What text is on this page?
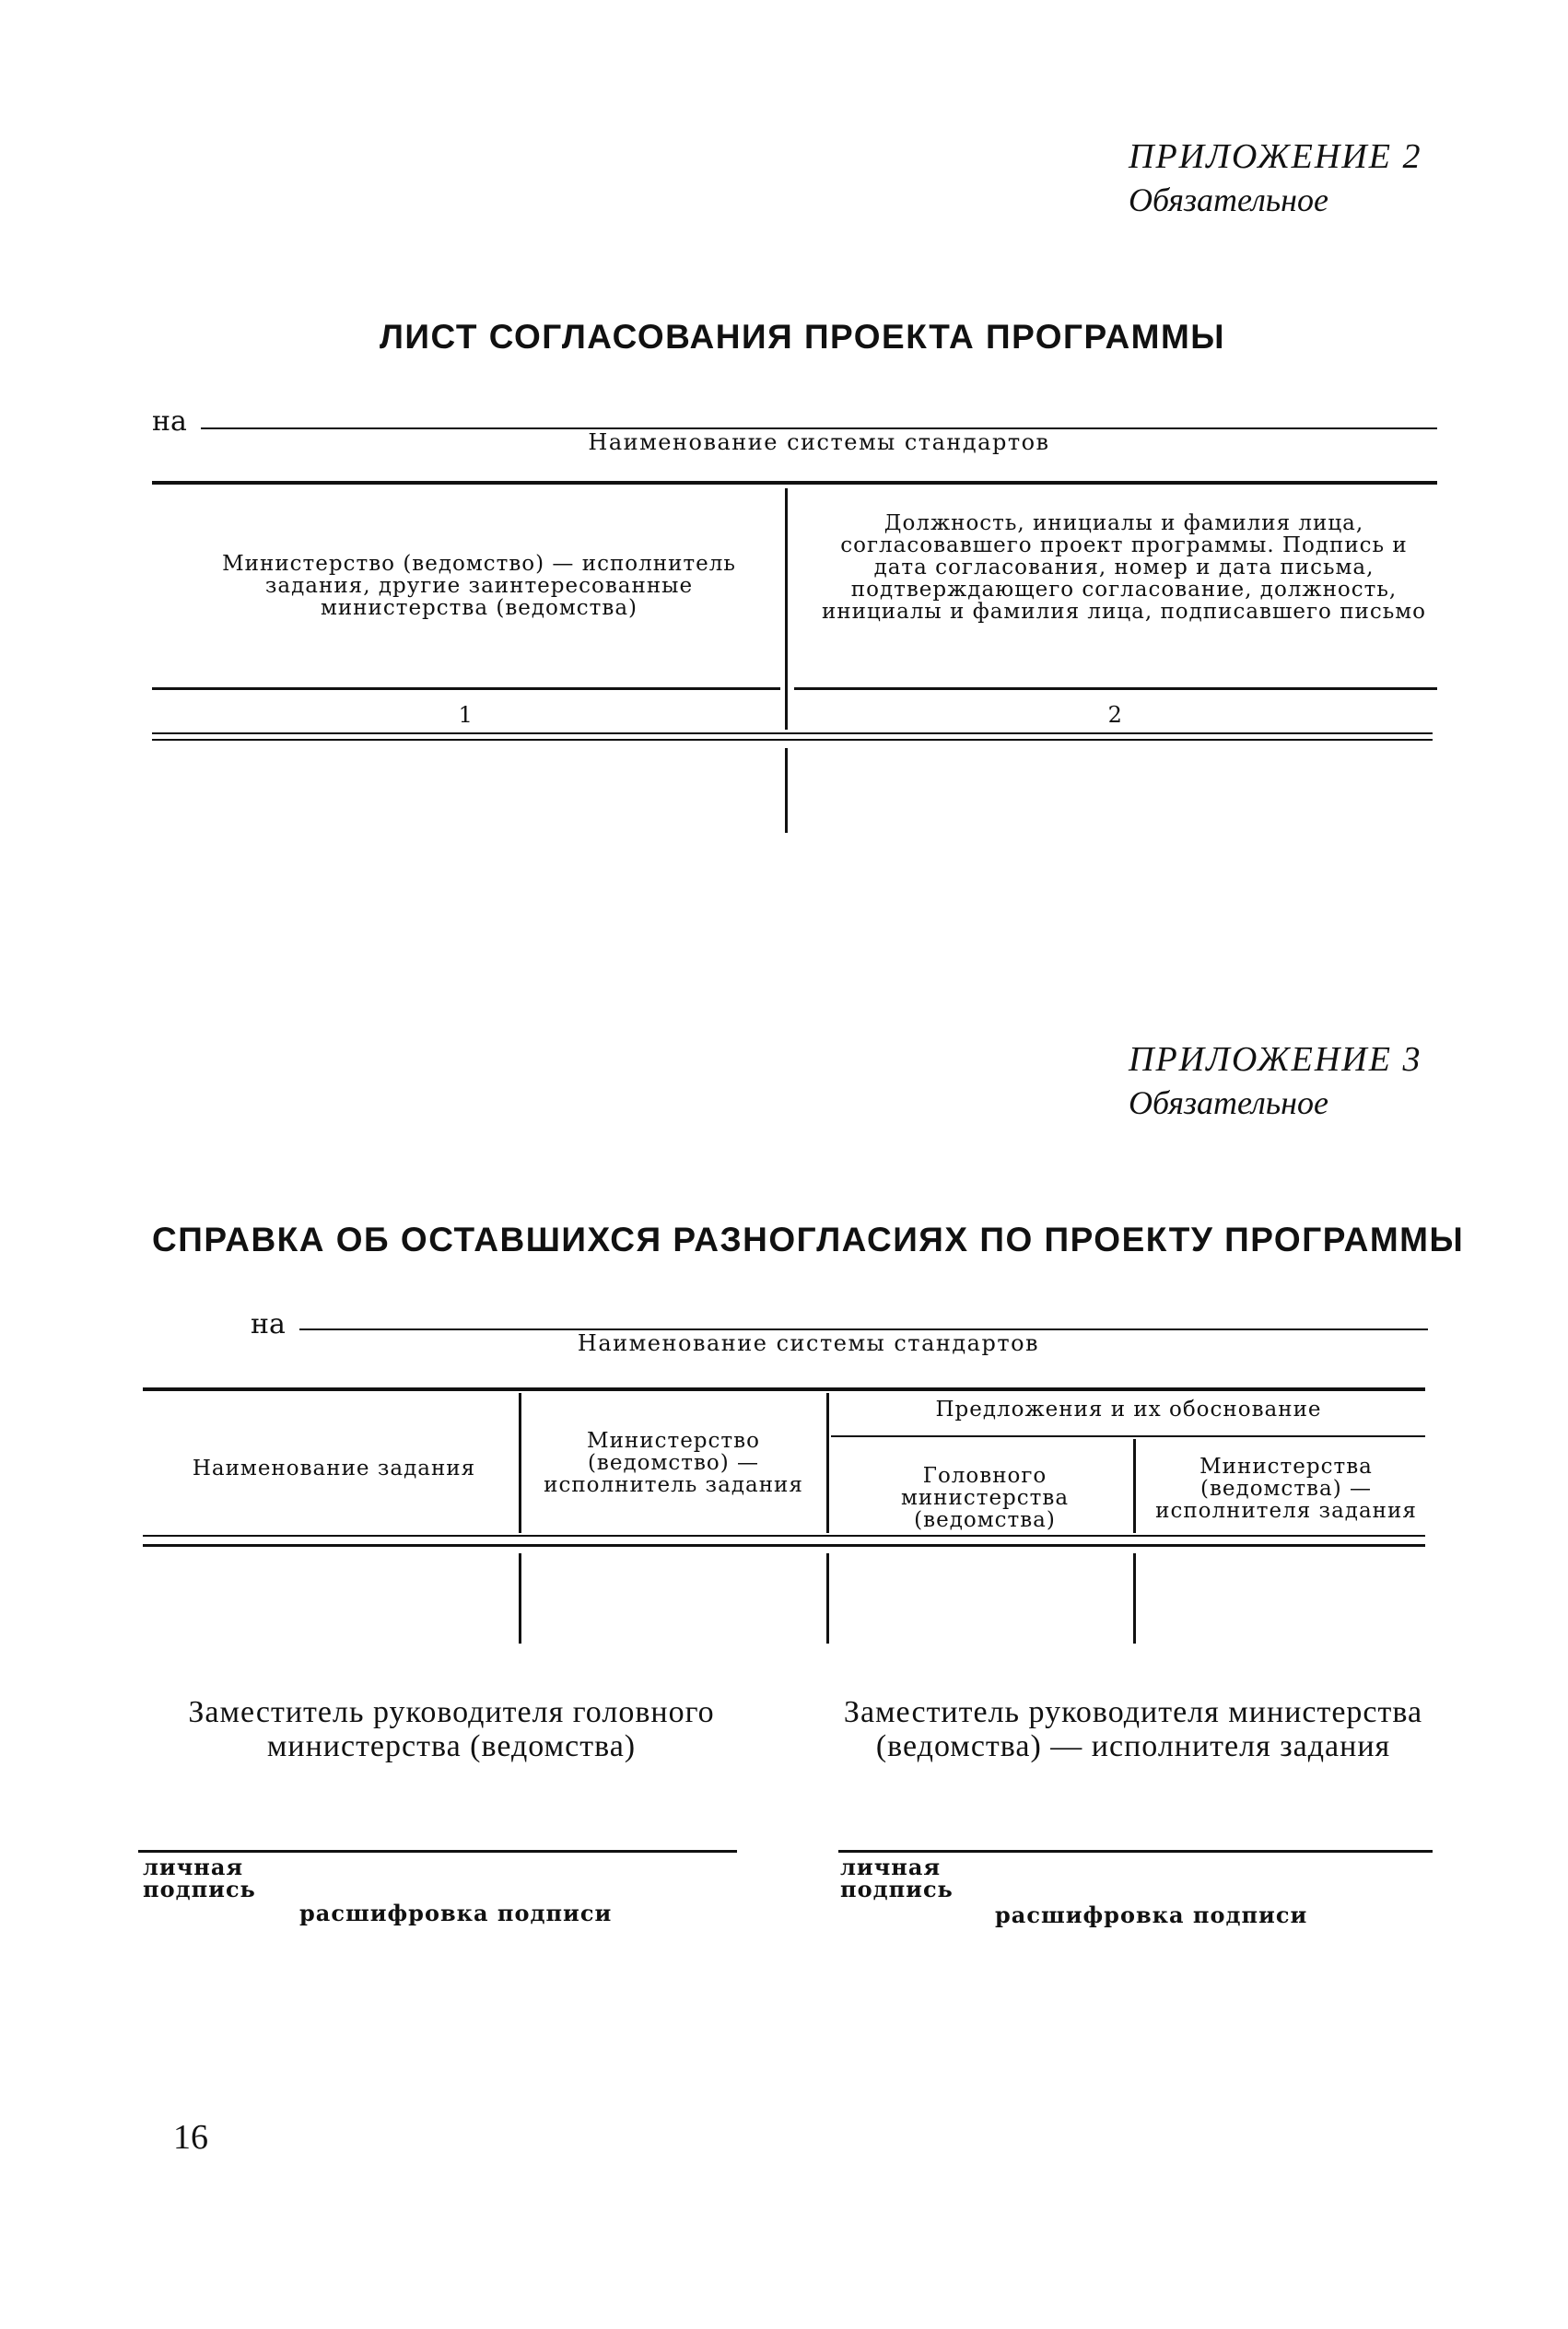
ПРИЛОЖЕНИЕ 2
Обязательное
ЛИСТ СОГЛАСОВАНИЯ ПРОЕКТА ПРОГРАММЫ
на
Наименование системы стандартов
Министерство (ведомство) — исполнитель задания, другие заинтересованные министерства (ведомства)
Должность, инициалы и фамилия лица, согласовавшего проект программы. Подпись и дата согласования, номер и дата письма, подтверждающего согласование, должность, инициалы и фамилия лица, подписавшего письмо
1	2
ПРИЛОЖЕНИЕ 3
Обязательное
СПРАВКА ОБ ОСТАВШИХСЯ РАЗНОГЛАСИЯХ ПО ПРОЕКТУ ПРОГРАММЫ
на
Наименование системы стандартов
Наименование задания
Министерство (ведомство) — исполнитель задания
Предложения и их обоснование
Головного министерства (ведомства)
Министерства (ведомства) — исполнителя задания
Заместитель руководителя головного министерства (ведомства)
Заместитель руководителя министерства (ведомства) — исполнителя задания
личная подпись
расшифровка подписи
личная подпись
расшифровка подписи
16
